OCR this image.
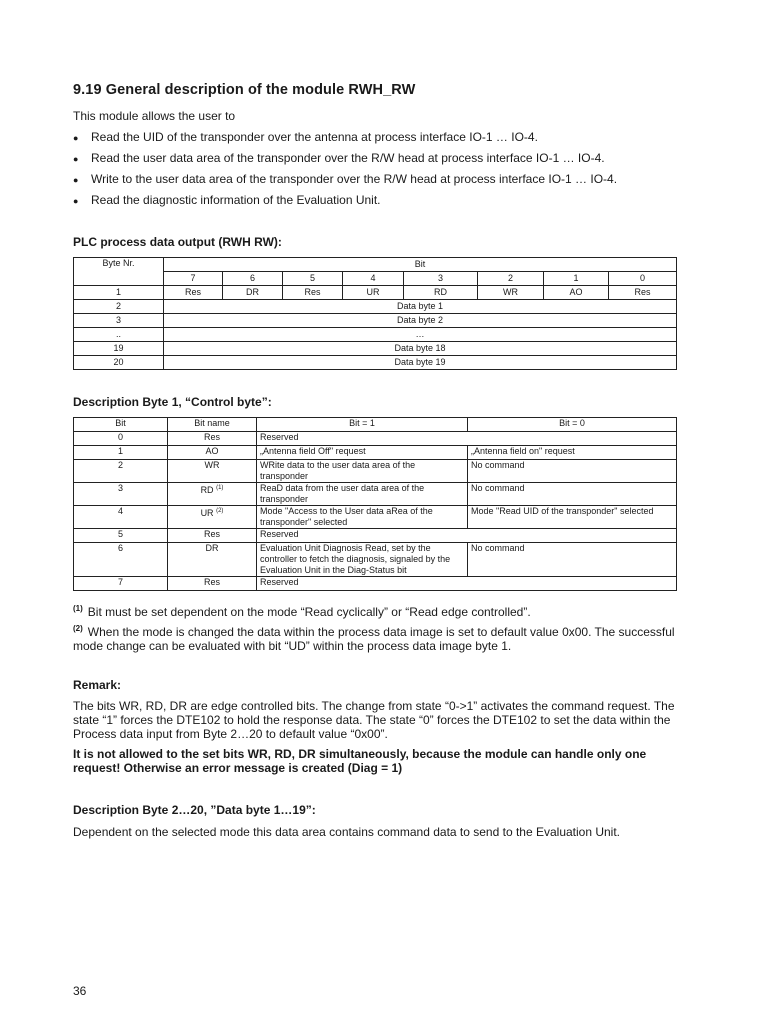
9.19 General description of the module RWH_RW
This module allows the user to
● Read the UID of the transponder over the antenna at process interface IO-1 … IO-4.
● Read the user data area of the transponder over the R/W head at process interface IO-1 … IO-4.
● Write to the user data area of the transponder over the R/W head at process interface IO-1 … IO-4.
● Read the diagnostic information of the Evaluation Unit.
PLC process data output (RWH RW):
Byte Nr.	Bit							
	7	6	5	4	3	2	1	0
1	Res	DR	Res	UR	RD	WR	AO	Res
2	Data byte 1							
3	Data byte 2							
..	…							
19	Data byte 18							
20	Data byte 19							
Description Byte 1, “Control byte”:
Bit	Bit name	Bit = 1	Bit = 0
0	Res	Reserved	
1	AO	„Antenna field Off" request	„Antenna field on" request
2	WR	WRite data to the user data area of the transponder	No command
3	RD $^{(1)}$	ReaD data from the user data area of the transponder	No command
4	UR $^{(2)}$	Mode "Access to the User data aRea of the transponder" selected	Mode "Read UID of the transponder" selected
5	Res	Reserved	
6	DR	Evaluation Unit Diagnosis Read, set by the controller to fetch the diagnosis, signaled by the Evaluation Unit in the Diag-Status bit	No command
7	Res	Reserved	
$^{(1)}$ Bit must be set dependent on the mode “Read cyclically” or “Read edge controlled”.
$^{(2)}$ When the mode is changed the data within the process data image is set to default value 0x00. The successful mode change can be evaluated with bit “UD” within the process data image byte 1.
Remark:
The bits WR, RD, DR are edge controlled bits. The change from state “0->1” activates the command request. The state “1” forces the DTE102 to hold the response data. The state “0” forces the DTE102 to set the data within the Process data input from Byte 2…20 to default value “0x00”.
It is not allowed to the set bits WR, RD, DR simultaneously, because the module can handle only one request! Otherwise an error message is created (Diag = 1)
Description Byte 2…20, ”Data byte 1…19”:
Dependent on the selected mode this data area contains command data to send to the Evaluation Unit.
36
